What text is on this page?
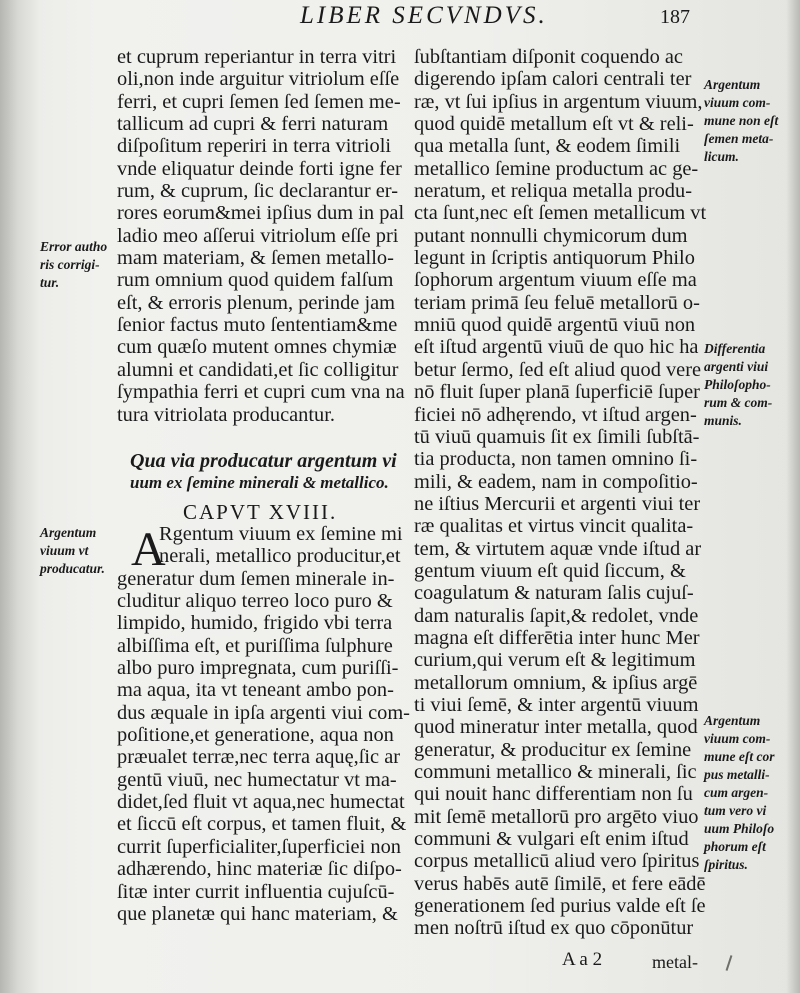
LIBER SECVNDVS.	187
et cuprum reperiantur in terra vitri
oli,non inde arguitur vitriolum eſſe
ferri, et cupri ſemen ſed ſemen me-
tallicum ad cupri & ferri naturam
diſpoſitum reperiri in terra vitrioli
vnde eliquatur deinde forti igne fer
rum, & cuprum, ſic declarantur er-
rores eorum&mei ipſius dum in pal
ladio meo aſſerui vitriolum eſſe pri
mam materiam, & ſemen metallo-
rum omnium quod quidem falſum
eſt, & erroris plenum, perinde jam
ſenior factus muto ſententiam&me
cum quæſo mutent omnes chymiæ
alumni et candidati,et ſic colligitur
ſympathia ferri et cupri cum vna na
tura vitriolata producantur.
Qua via producatur argentum vi
uum ex ſemine minerali & metallico.
CAPVT XVIII.
A
Rgentum viuum ex ſemine mi
nerali, metallico producitur,et
generatur dum ſemen minerale in-
cluditur aliquo terreo loco puro &
limpido, humido, frigido vbi terra
albiſſima eſt, et puriſſima ſulphure
albo puro impregnata, cum puriſſi-
ma aqua, ita vt teneant ambo pon-
dus æquale in ipſa argenti viui com-
poſitione,et generatione, aqua non
præualet terræ,nec terra aquę,ſic ar
gentū viuū, nec humectatur vt ma-
didet,ſed fluit vt aqua,nec humectat
et ſiccū eſt corpus, et tamen fluit, &
currit ſuperficialiter,ſuperficiei non
adhærendo, hinc materiæ ſic diſpo-
ſitæ inter currit influentia cujuſcū-
que planetæ qui hanc materiam, &
ſubſtantiam diſponit coquendo ac
digerendo ipſam calori centrali ter
ræ, vt ſui ipſius in argentum viuum,
quod quidē metallum eſt vt & reli-
qua metalla ſunt, & eodem ſimili
metallico ſemine productum ac ge-
neratum, et reliqua metalla produ-
cta ſunt,nec eſt ſemen metallicum vt
putant nonnulli chymicorum dum
legunt in ſcriptis antiquorum Philo
ſophorum argentum viuum eſſe ma
teriam primā ſeu feluē metallorū o-
mniū quod quidē argentū viuū non
eſt iſtud argentū viuū de quo hic ha
betur ſermo, ſed eſt aliud quod vere
nō fluit ſuper planā ſuperficiē ſuper
ficiei nō adhęrendo, vt iſtud argen-
tū viuū quamuis ſit ex ſimili ſubſtā-
tia producta, non tamen omnino ſi-
mili, & eadem, nam in compoſitio-
ne iſtius Mercurii et argenti viui ter
ræ qualitas et virtus vincit qualita-
tem, & virtutem aquæ vnde iſtud ar
gentum viuum eſt quid ſiccum, &
coagulatum & naturam ſalis cujuſ-
dam naturalis ſapit,& redolet, vnde
magna eſt differētia inter hunc Mer
curium,qui verum eſt & legitimum
metallorum omnium, & ipſius argē
ti viui ſemē, & inter argentū viuum
quod mineratur inter metalla, quod
generatur, & producitur ex ſemine
communi metallico & minerali, ſic
qui nouit hanc differentiam non ſu
mit ſemē metallorū pro argēto viuo
communi & vulgari eſt enim iſtud
corpus metallicū aliud vero ſpiritus
verus habēs autē ſimilē, et fere eādē
generationem ſed purius valde eſt ſe
men noſtrū iſtud ex quo cōponūtur
Error autho
ris corrigi-
tur.
Argentum
viuum vt
producatur.
Argentum
viuum com-
mune non eſt
ſemen meta-
licum.
Differentia
argenti viui
Philoſopho-
rum & com-
munis.
Argentum
viuum com-
mune eſt cor
pus metalli-
cum argen-
tum vero vi
uum Philoſo
phorum eſt
ſpiritus.
A a 2	metal-
